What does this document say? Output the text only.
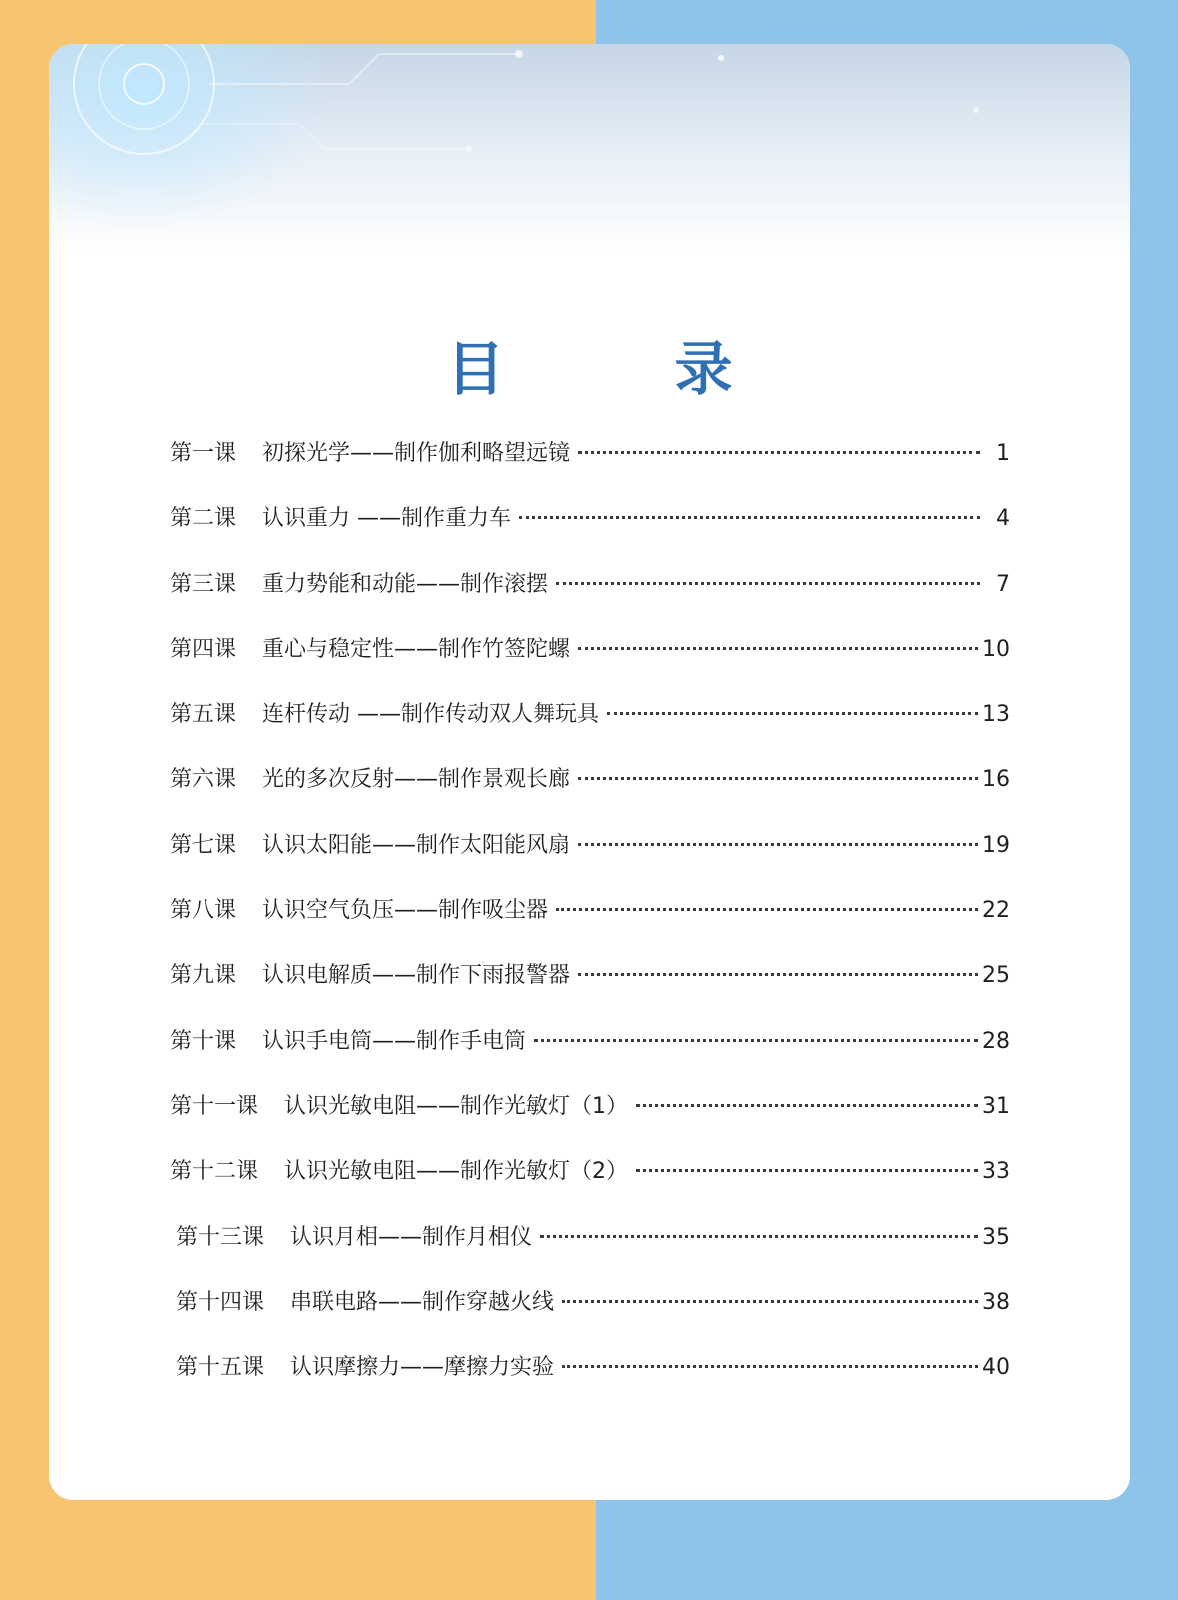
目　录
第一课 初探光学——制作伽利略望远镜	1
第二课 认识重力 ——制作重力车	4
第三课 重力势能和动能——制作滚摆	7
第四课 重心与稳定性——制作竹签陀螺	10
第五课 连杆传动 ——制作传动双人舞玩具	13
第六课 光的多次反射——制作景观长廊	16
第七课 认识太阳能——制作太阳能风扇	19
第八课 认识空气负压——制作吸尘器	22
第九课 认识电解质——制作下雨报警器	25
第十课 认识手电筒——制作手电筒	28
第十一课 认识光敏电阻——制作光敏灯（1）	31
第十二课 认识光敏电阻——制作光敏灯（2）	33
第十三课 认识月相——制作月相仪	35
第十四课 串联电路——制作穿越火线	38
第十五课 认识摩擦力——摩擦力实验	40
